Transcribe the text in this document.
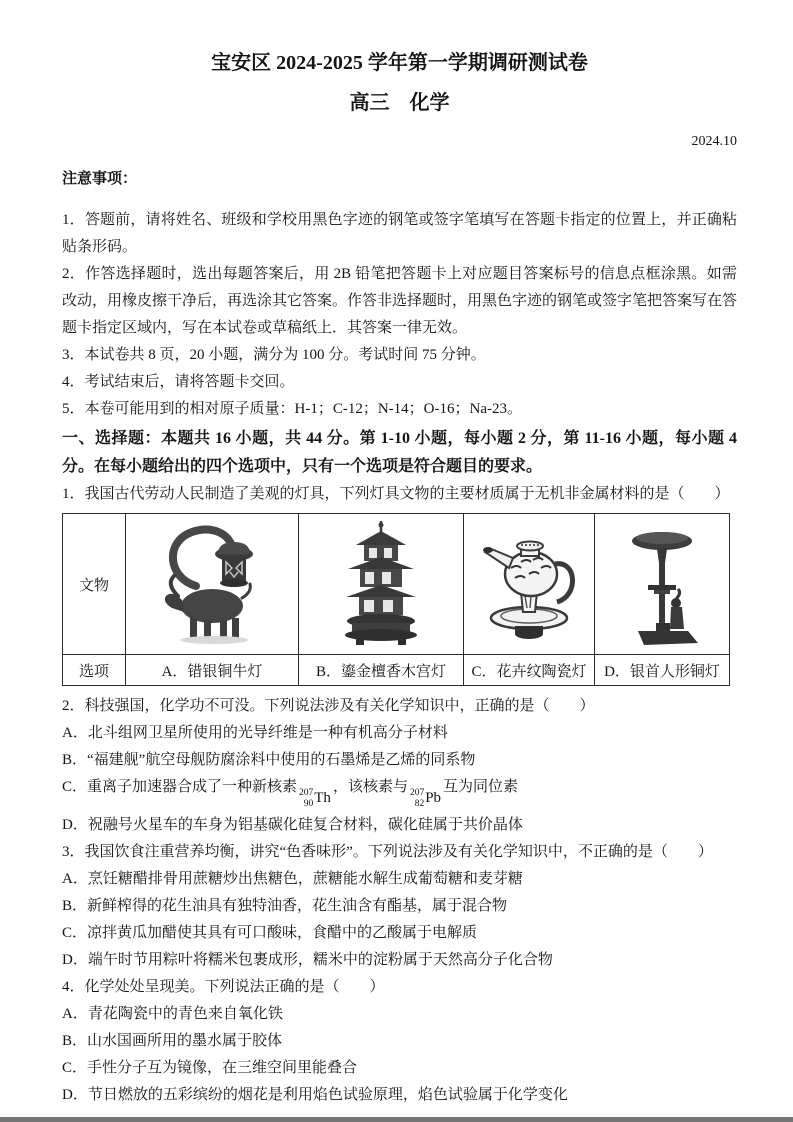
宝安区 2024-2025 学年第一学期调研测试卷

高三　化学

2024.10

注意事项：

1．答题前，请将姓名、班级和学校用黑色字迹的钢笔或签字笔填写在答题卡指定的位置上，并正确粘贴条形码。

2．作答选择题时，选出每题答案后，用 2B 铅笔把答题卡上对应题目答案标号的信息点框涂黑。如需改动，用橡皮擦干净后，再选涂其它答案。作答非选择题时，用黑色字迹的钢笔或签字笔把答案写在答题卡指定区域内，写在本试卷或草稿纸上．其答案一律无效。

3．本试卷共 8 页，20 小题，满分为 100 分。考试时间 75 分钟。

4．考试结束后，请将答题卡交回。

5．本卷可能用到的相对原子质量：H-1；C-12；N-14；O-16；Na-23。

一、选择题：本题共 16 小题，共 44 分。第 1-10 小题，每小题 2 分，第 11-16 小题，每小题 4 分。在每小题给出的四个选项中，只有一个选项是符合题目的要求。

1．我国古代劳动人民制造了美观的灯具，下列灯具文物的主要材质属于无机非金属材料的是（　　）

文物	

选项	A．错银铜牛灯	B．鎏金檀香木宫灯	C．花卉纹陶瓷灯	D．银首人形铜灯

2．科技强国，化学功不可没。下列说法涉及有关化学知识中，正确的是（　　）

A．北斗组网卫星所使用的光导纤维是一种有机高分子材料

B．“福建舰”航空母舰防腐涂料中使用的石墨烯是乙烯的同系物

C．重离子加速器合成了一种新核素 207
90 Th
，该核素与 207
82 Pb
互为同位素

D．祝融号火星车的车身为铝基碳化硅复合材料，碳化硅属于共价晶体

3．我国饮食注重营养均衡，讲究“色香味形”。下列说法涉及有关化学知识中，不正确的是（　　）

A．烹饪糖醋排骨用蔗糖炒出焦糖色，蔗糖能水解生成葡萄糖和麦芽糖

B．新鲜榨得的花生油具有独特油香，花生油含有酯基，属于混合物

C．凉拌黄瓜加醋使其具有可口酸味，食醋中的乙酸属于电解质

D．端午时节用粽叶将糯米包裹成形，糯米中的淀粉属于天然高分子化合物

4．化学处处呈现美。下列说法正确的是（　　）

A．青花陶瓷中的青色来自氧化铁

B．山水国画所用的墨水属于胶体

C．手性分子互为镜像，在三维空间里能叠合

D．节日燃放的五彩缤纷的烟花是利用焰色试验原理，焰色试验属于化学变化
